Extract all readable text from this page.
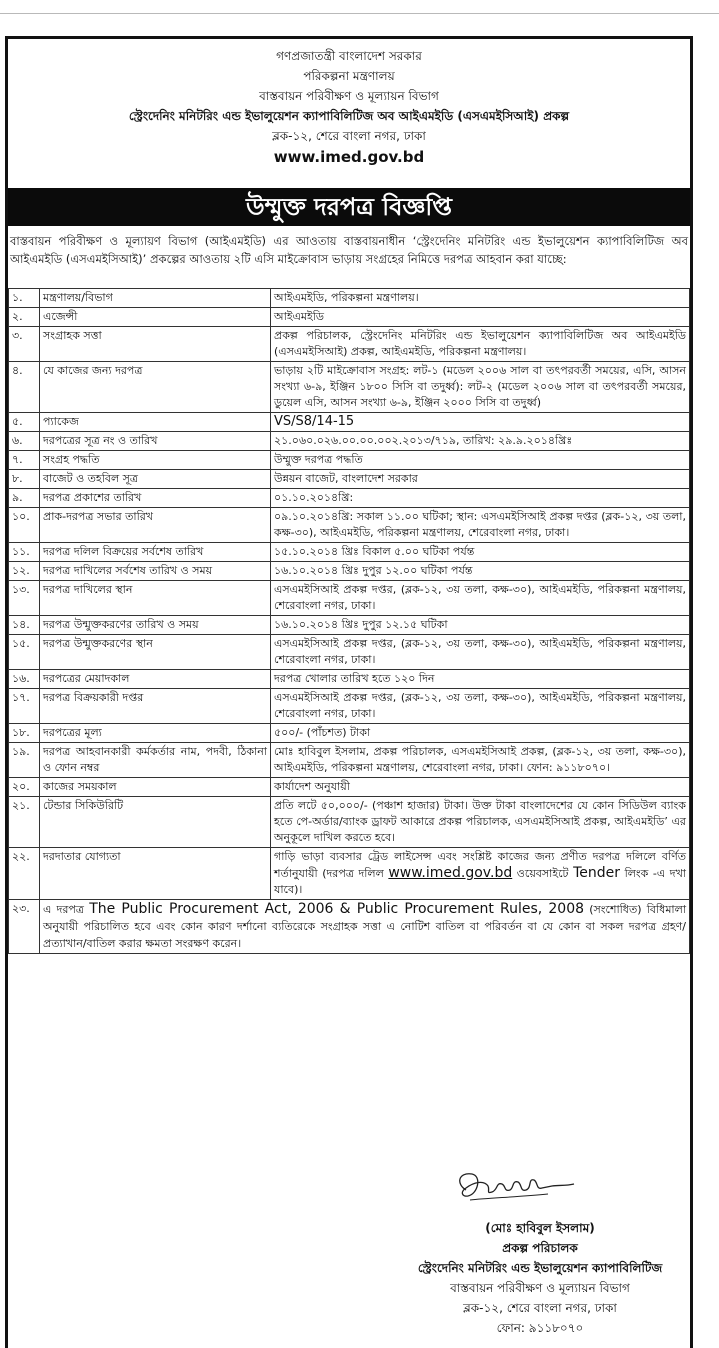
গণপ্রজাতন্ত্রী বাংলাদেশ সরকার
পরিকল্পনা মন্ত্রণালয়
বাস্তবায়ন পরিবীক্ষণ ও মূল্যায়ন বিভাগ
স্ট্রেংদেনিং মনিটরিং এন্ড ইভালুয়েশন ক্যাপাবিলিটিজ অব আইএমইডি (এসএমইসিআই) প্রকল্প
ব্লক-১২, শেরে বাংলা নগর, ঢাকা
www.imed.gov.bd
উম্মুক্ত দরপত্র বিজ্ঞপ্তি
বাস্তবায়ন পরিবীক্ষণ ও মূল্যায়ণ বিভাগ (আইএমইডি) এর আওতায় বাস্তবায়নাধীন ‘স্ট্রেংদেনিং মনিটরিং এন্ড ইভালুয়েশন ক্যাপাবিলিটিজ অব আইএমইডি (এসএমইসিআই)’ প্রকল্পের আওতায় ২টি এসি মাইক্রোবাস ভাড়ায় সংগ্রহের নিমিত্তে দরপত্র আহবান করা যাচ্ছে:
১.	মন্ত্রণালয়/বিভাগ	আইএমইডি, পরিকল্পনা মন্ত্রণালয়।
২.	এজেন্সী	আইএমইডি
৩.	সংগ্রাহক সত্তা	প্রকল্প পরিচালক, স্ট্রেংদেনিং মনিটরিং এন্ড ইভালুয়েশন ক্যাপাবিলিটিজ অব আইএমইডি (এসএমইসিআই) প্রকল্প, আইএমইডি, পরিকল্পনা মন্ত্রণালয়।
৪.	যে কাজের জন্য দরপত্র	ভাড়ায় ২টি মাইক্রোবাস সংগ্রহ: লট-১ (মডেল ২০০৬ সাল বা তৎপরবর্তী সময়ের, এসি, আসন সংখ্যা ৬-৯, ইঞ্জিন ১৮০০ সিসি বা তদুর্ধ্ব): লট-২ (মডেল ২০০৬ সাল বা তৎপরবর্তী সময়ের, ডুয়েল এসি, আসন সংখ্যা ৬-৯, ইঞ্জিন ২০০০ সিসি বা তদুর্ধ্ব)
৫.	প্যাকেজ	VS/S8/14-15
৬.	দরপত্রের সূত্র নং ও তারিখ	২১.০৬০.০২৬.০০.০০.০০২.২০১৩/৭১৯, তারিখ: ২৯.৯.২০১৪খ্রিঃ
৭.	সংগ্রহ পদ্ধতি	উম্মুক্ত দরপত্র পদ্ধতি
৮.	বাজেট ও তহবিল সূত্র	উন্নয়ন বাজেট, বাংলাদেশ সরকার
৯.	দরপত্র প্রকাশের তারিখ	০১.১০.২০১৪খ্রি:
১০.	প্রাক-দরপত্র সভার তারিখ	০৯.১০.২০১৪খ্রি: সকাল ১১.০০ ঘটিকা; স্থান: এসএমইসিআই প্রকল্প দপ্তর (ব্লক-১২, ৩য় তলা, কক্ষ-৩০), আইএমইডি, পরিকল্পনা মন্ত্রণালয়, শেরেবাংলা নগর, ঢাকা।
১১.	দরপত্র দলিল বিক্রয়ের সর্বশেষ তারিখ	১৫.১০.২০১৪ খ্রিঃ বিকাল ৫.০০ ঘটিকা পর্যন্ত
১২.	দরপত্র দাখিলের সর্বশেষ তারিখ ও সময়	১৬.১০.২০১৪ খ্রিঃ দুপুর ১২.০০ ঘটিকা পর্যন্ত
১৩.	দরপত্র দাখিলের স্থান	এসএমইসিআই প্রকল্প দপ্তর, (ব্লক-১২, ৩য় তলা, কক্ষ-৩০), আইএমইডি, পরিকল্পনা মন্ত্রণালয়, শেরেবাংলা নগর, ঢাকা।
১৪.	দরপত্র উন্মুক্তকরণের তারিখ ও সময়	১৬.১০.২০১৪ খ্রিঃ দুপুর ১২.১৫ ঘটিকা
১৫.	দরপত্র উন্মুক্তকরণের স্থান	এসএমইসিআই প্রকল্প দপ্তর, (ব্লক-১২, ৩য় তলা, কক্ষ-৩০), আইএমইডি, পরিকল্পনা মন্ত্রণালয়, শেরেবাংলা নগর, ঢাকা।
১৬.	দরপত্রের মেয়াদকাল	দরপত্র খোলার তারিখ হতে ১২০ দিন
১৭.	দরপত্র বিক্রয়কারী দপ্তর	এসএমইসিআই প্রকল্প দপ্তর, (ব্লক-১২, ৩য় তলা, কক্ষ-৩০), আইএমইডি, পরিকল্পনা মন্ত্রণালয়, শেরেবাংলা নগর, ঢাকা।
১৮.	দরপত্রের মূল্য	৫০০/- (পাঁচশত) টাকা
১৯.	দরপত্র আহবানকারী কর্মকর্তার নাম, পদবী, ঠিকানা ও ফোন নম্বর	মোঃ হাবিবুল ইসলাম, প্রকল্প পরিচালক, এসএমইসিআই প্রকল্প, (ব্লক-১২, ৩য় তলা, কক্ষ-৩০), আইএমইডি, পরিকল্পনা মন্ত্রণালয়, শেরেবাংলা নগর, ঢাকা। ফোন: ৯১১৮০৭০।
২০.	কাজের সময়কাল	কার্যাদেশ অনুযায়ী
২১.	টেন্ডার সিকিউরিটি	প্রতি লটে ৫০,০০০/- (পঞ্চাশ হাজার) টাকা। উক্ত টাকা বাংলাদেশের যে কোন সিডিউল ব্যাংক হতে পে-অর্ডার/ব্যাংক ড্রাফট আকারে প্রকল্প পরিচালক, এসএমইসিআই প্রকল্প, আইএমইডি’ এর অনুকূলে দাখিল করতে হবে।
২২.	দরদাতার যোগ্যতা	গাড়ি ভাড়া ব্যবসার ট্রেড লাইসেন্স এবং সংশ্লিষ্ট কাজের জন্য প্রণীত দরপত্র দলিলে বর্ণিত শর্তানুযায়ী (দরপত্র দলিল www.imed.gov.bd ওয়েবসাইটে Tender লিংক -এ দখা যাবে)।
২৩.	এ দরপত্র The Public Procurement Act, 2006 & Public Procurement Rules, 2008 (সংশোধিত) বিধিমালা অনুযায়ী পরিচালিত হবে এবং কোন কারণ দর্শানো ব্যতিরেকে সংগ্রাহক সত্তা এ নোটিশ বাতিল বা পরিবর্তন বা যে কোন বা সকল দরপত্র গ্রহণ/প্রত্যাখান/বাতিল করার ক্ষমতা সংরক্ষণ করেন।	
(মোঃ হাবিবুল ইসলাম)
প্রকল্প পরিচালক
স্ট্রেংদেনিং মনিটরিং এন্ড ইভালুয়েশন ক্যাপাবিলিটিজ
বাস্তবায়ন পরিবীক্ষণ ও মূল্যায়ন বিভাগ
ব্লক-১২, শেরে বাংলা নগর, ঢাকা
ফোন: ৯১১৮০৭০
